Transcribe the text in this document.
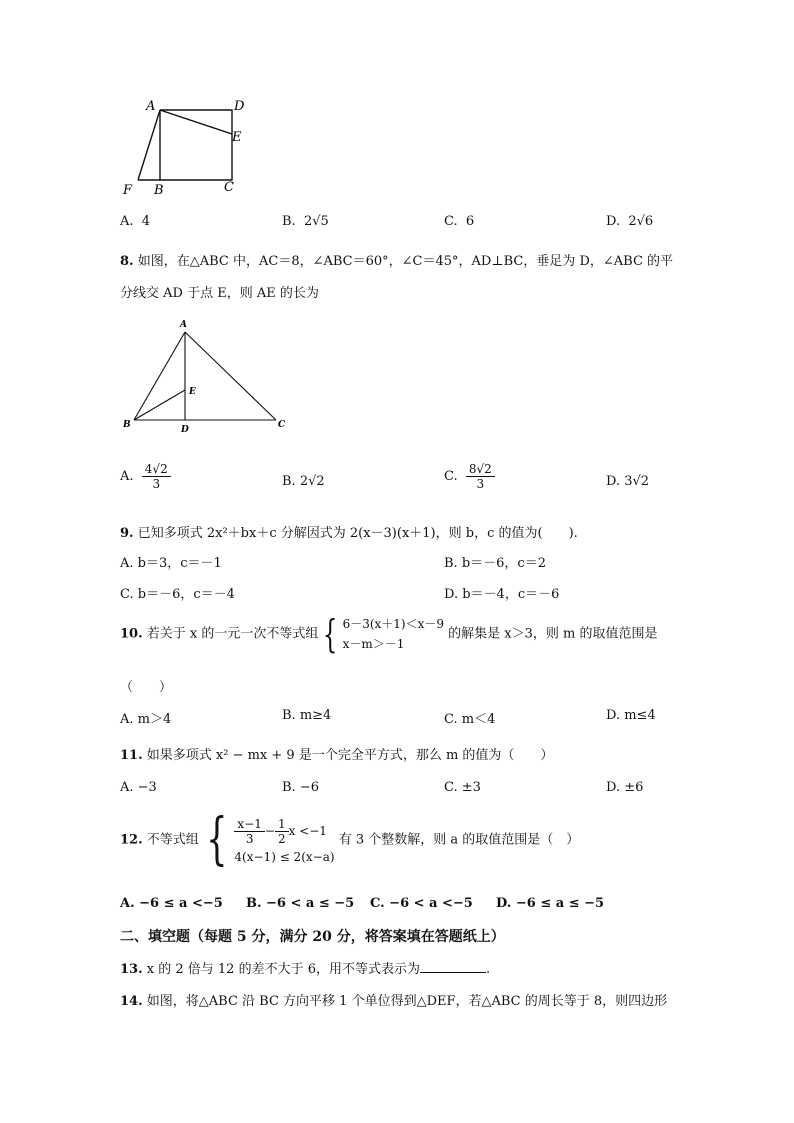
A	D
E
F B	C
A. 4	B. 2√5	C. 6	D. 2√6
8. 如图，在△ABC 中，AC＝8，∠ABC＝60°，∠C＝45°，AD⊥BC，垂足为 D，∠ABC 的平
分线交 AD 于点 E，则 AE 的长为
A
E
B	D	C
A. $\frac{4√2}{3}$	B. 2√2	C. $\frac{8√2}{3}$	D. 3√2
9. 已知多项式 2x²＋bx＋c 分解因式为 2(x－3)(x＋1)，则 b，c 的值为(　　).
A. b＝3，c＝－1	B. b＝－6，c＝2
C. b＝－6，c＝－4	D. b＝－4，c＝－6
10. 若关于 x 的一元一次不等式组 { 6－3(x＋1)＜x－9
x－m＞－1 的解集是 x＞3，则 m 的取值范围是
（　　）
A. m＞4	B. m≥4	C. m＜4	D. m≤4
11. 如果多项式 x² − mx + 9 是一个完全平方式，那么 m 的值为（　　）
A. −3	B. −6	C. ±3	D. ±6
12. 不等式组 { $\frac{x-1}{3} - \frac{1}{2}$ x <−1
4(x−1) ≤ 2(x−a)
有 3 个整数解，则 a 的取值范围是（　）
A. −6 ≤ a <−5 B. −6 < a ≤ −5 C. −6 < a <−5 D. −6 ≤ a ≤ −5
二、填空题（每题 5 分，满分 20 分，将答案填在答题纸上）
13. x 的 2 倍与 12 的差不大于 6，用不等式表示为	.
14. 如图，将△ABC 沿 BC 方向平移 1 个单位得到△DEF，若△ABC 的周长等于 8，则四边形
